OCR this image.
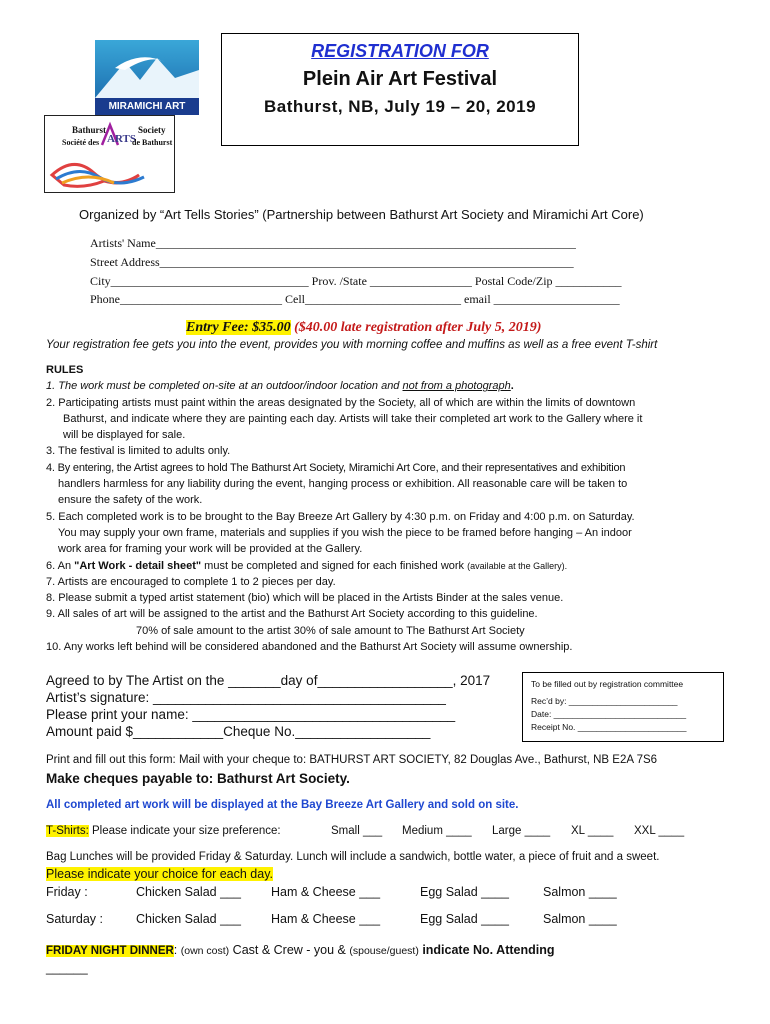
MIRAMICHI ART
Bathurst	Society
Société des ARTS
de Bathurst
REGISTRATION FOR
Plein Air Art Festival
Bathurst, NB, July 19 – 20, 2019
Organized by “Art Tells Stories” (Partnership between Bathurst Art Society and Miramichi Art Core)
Artists' Name______________________________________________________________________
Street Address_____________________________________________________________________
City_________________________________ Prov. /State _________________ Postal Code/Zip ___________
Phone___________________________ Cell__________________________ email _____________________
Entry Fee: $35.00 ($40.00 late registration after July 5, 2019)
Your registration fee gets you into the event, provides you with morning coffee and muffins as well as a free event T-shirt

RULES

1. The work must be completed on-site at an outdoor/indoor location and not from a photograph.

2. Participating artists must paint within the areas designated by the Society, all of which are within the limits of downtown

Bathurst, and indicate where they are painting each day. Artists will take their completed art work to the Gallery where it

will be displayed for sale.

3. The festival is limited to adults only.

4. By entering, the Artist agrees to hold The Bathurst Art Society, Miramichi Art Core, and their representatives and exhibition

handlers harmless for any liability during the event, hanging process or exhibition. All reasonable care will be taken to

ensure the safety of the work.

5. Each completed work is to be brought to the Bay Breeze Art Gallery by 4:30 p.m. on Friday and 4:00 p.m. on Saturday.

You may supply your own frame, materials and supplies if you wish the piece to be framed before hanging – An indoor

work area for framing your work will be provided at the Gallery.

6. An "Art Work - detail sheet" must be completed and signed for each finished work (available at the Gallery).

7. Artists are encouraged to complete 1 to 2 pieces per day.

8. Please submit a typed artist statement (bio) which will be placed in the Artists Binder at the sales venue.

9. All sales of art will be assigned to the artist and the Bathurst Art Society according to this guideline.

70% of sale amount to the artist 30% of sale amount to The Bathurst Art Society

10. Any works left behind will be considered abandoned and the Bathurst Art Society will assume ownership.

Agreed to by The Artist on the _______day of__________________, 2017
Artist’s signature: _______________________________________
Please print your name: ___________________________________
Amount paid $____________Cheque No.__________________
To be filled out by registration committee
Rec’d by: _______________________
Date: ____________________________
Receipt No. _______________________
Print and fill out this form: Mail with your cheque to: BATHURST ART SOCIETY, 82 Douglas Ave., Bathurst, NB E2A 7S6
Make cheques payable to: Bathurst Art Society.
All completed art work will be displayed at the Bay Breeze Art Gallery and sold on site.
T-Shirts: Please indicate your size preference:	Small ___ Medium ____ Large ____ XL ____ XXL ____
Bag Lunches will be provided Friday & Saturday. Lunch will include a sandwich, bottle water, a piece of fruit and a sweet.
Please indicate your choice for each day.
Friday :	Chicken Salad ___ Ham & Cheese ___	Egg Salad ____	Salmon ____
Saturday :	Chicken Salad ___ Ham & Cheese ___	Egg Salad ____	Salmon ____
FRIDAY NIGHT DINNER: (own cost) Cast & Crew - you & (spouse/guest) indicate No. Attending
______
